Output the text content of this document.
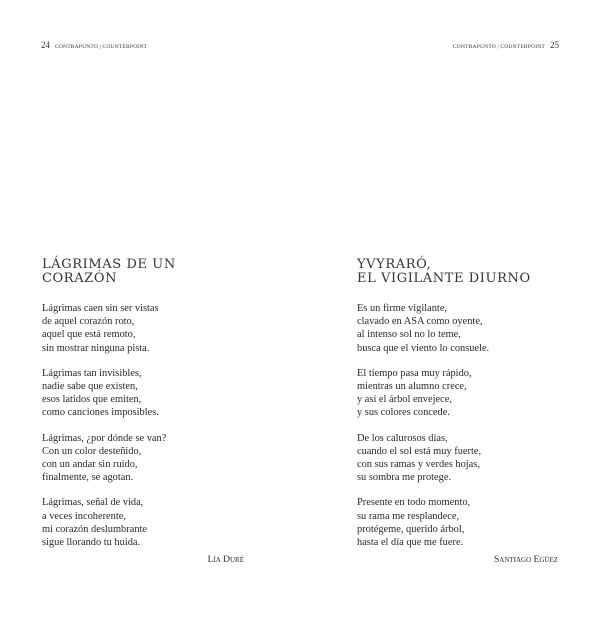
24 CONTRAPUNTO | COUNTERPOINT
LÁGRIMAS DE UN CORAZÓN
Lágrimas caen sin ser vistas
de aquel corazón roto,
aquel que está remoto,
sin mostrar ninguna pista.
Lágrimas tan invisibles,
nadie sabe que existen,
esos latidos que emiten,
como canciones imposibles.
Lágrimas, ¿por dónde se van?
Con un color desteñido,
con un andar sin ruido,
finalmente, se agotan.
Lágrimas, señal de vida,
a veces incoherente,
mi corazón deslumbrante
sigue llorando tu huida.
Lía Duré
CONTRAPUNTO | COUNTERPOINT 25
YVYRARÓ,
EL VIGILANTE DIURNO
Es un firme vigilante,
clavado en ASA como oyente,
al intenso sol no lo teme,
busca que el viento lo consuele.
El tiempo pasa muy rápido,
mientras un alumno crece,
y así el árbol envejece,
y sus colores concede.
De los calurosos días,
cuando el sol está muy fuerte,
con sus ramas y verdes hojas,
su sombra me protege.
Presente en todo momento,
su rama me resplandece,
protégeme, querido árbol,
hasta el día que me fuere.
Santiago Egüez
